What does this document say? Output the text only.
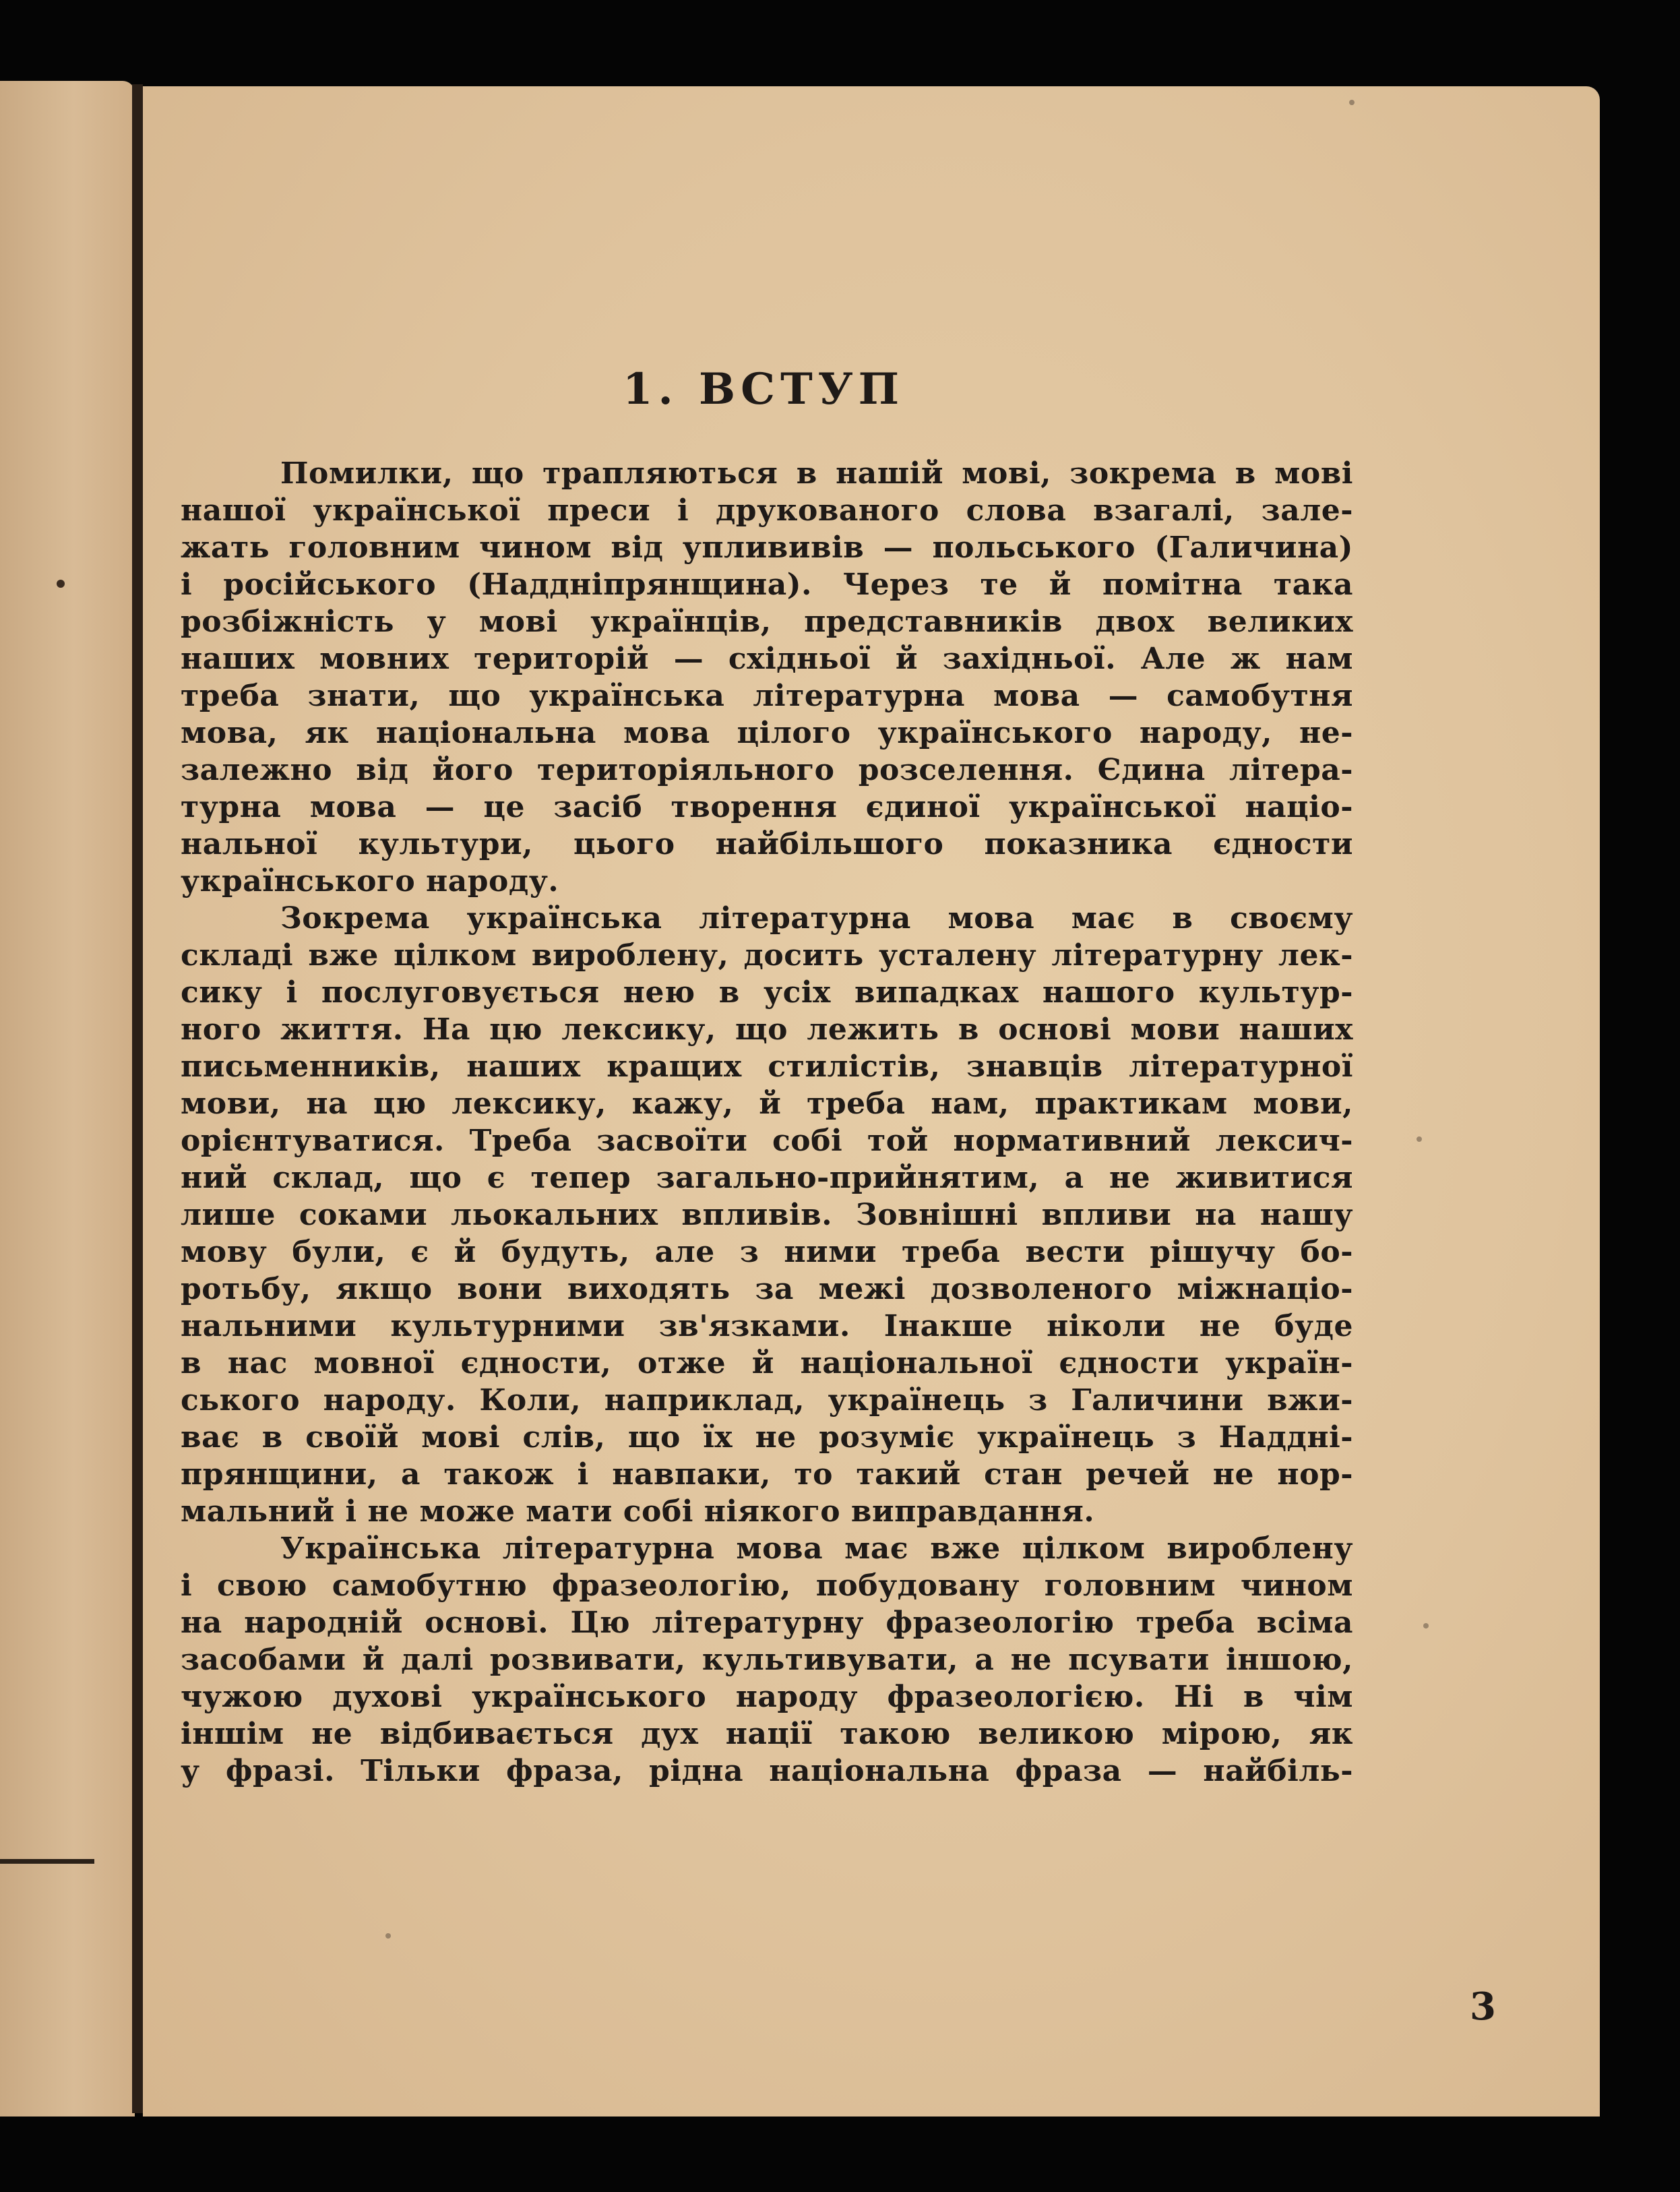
3
1. ВСТУП

Помилки, що трапляються в нашій мові, зокрема в мові
нашої української преси і друкованого слова взагалі, зале-
жать головним чином від уплививів — польського (Галичина)
і російського (Наддніпрянщина). Через те й помітна така
розбіжність у мові українців, представників двох великих
наших мовних територій — східньої й західньої. Але ж нам
треба знати, що українська літературна мова — самобутня
мова, як національна мова цілого українського народу, не-
залежно від його територіяльного розселення. Єдина літера-
турна мова — це засіб творення єдиної української націо-
нальної культури, цього найбільшого показника єдности
українського народу.

Зокрема українська літературна мова має в своєму
складі вже цілком вироблену, досить усталену літературну лек-
сику і послуговується нею в усіх випадках нашого культур-
ного життя. На цю лексику, що лежить в основі мови наших
письменників, наших кращих стилістів, знавців літературної
мови, на цю лексику, кажу, й треба нам, практикам мови,
орієнтуватися. Треба засвоїти собі той нормативний лексич-
ний склад, що є тепер загально-прийнятим, а не живитися
лише соками льокальних впливів. Зовнішні впливи на нашу
мову були, є й будуть, але з ними треба вести рішучу бо-
ротьбу, якщо вони виходять за межі дозволеного міжнаціо-
нальними культурними зв'язками. Інакше ніколи не буде
в нас мовної єдности, отже й національної єдности україн-
ського народу. Коли, наприклад, українець з Галичини вжи-
ває в своїй мові слів, що їх не розуміє українець з Наддні-
прянщини, а також і навпаки, то такий стан речей не нор-
мальний і не може мати собі ніякого виправдання.

Українська літературна мова має вже цілком вироблену
і свою самобутню фразеологію, побудовану головним чином
на народній основі. Цю літературну фразеологію треба всіма
засобами й далі розвивати, культивувати, а не псувати іншою,
чужою духові українського народу фразеологією. Ні в чім
іншім не відбивається дух нації такою великою мірою, як
у фразі. Тільки фраза, рідна національна фраза — найбіль-
